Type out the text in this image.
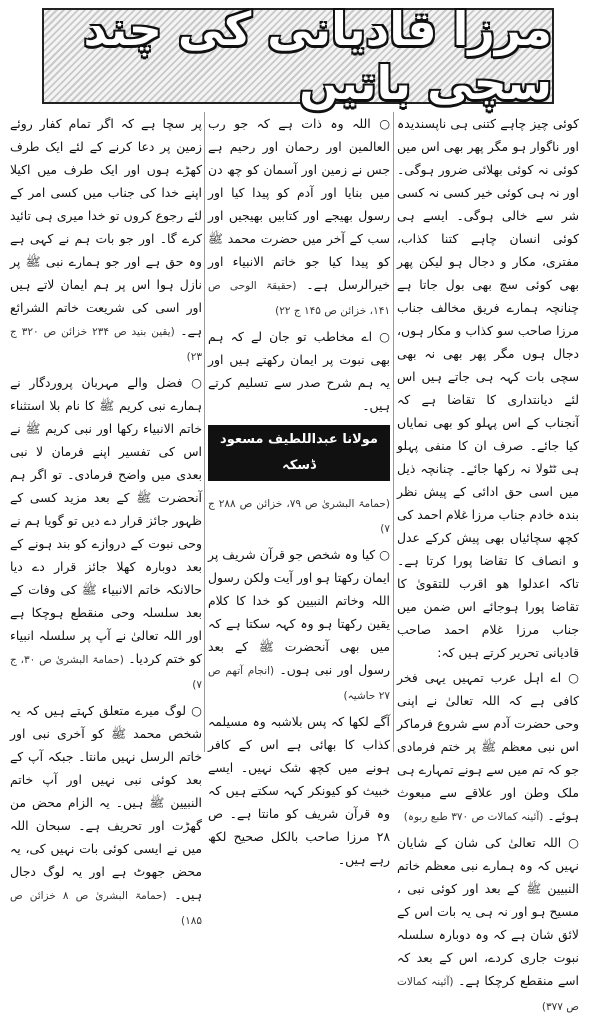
مرزا قادیانی کی چند سچی باتیں

کوئی چیز چاہے کتنی ہی ناپسندیدہ اور ناگوار ہو مگر پھر بھی اس میں کوئی نہ کوئی بھلائی ضرور ہوگی۔ اور نہ ہی کوئی خیر کسی نہ کسی شر سے خالی ہوگی۔ ایسے ہی کوئی انسان چاہے کتنا کذاب، مفتری، مکار و دجال ہو لیکن پھر بھی کوئی سچ بھی بول جاتا ہے چنانچہ ہمارے فریق مخالف جناب مرزا صاحب سو کذاب و مکار ہوں، دجال ہوں مگر پھر بھی نہ بھی سچی بات کہہ ہی جاتے ہیں اس لئے دیانتداری کا تقاضا ہے کہ آنجناب کے اس پہلو کو بھی نمایاں کیا جائے۔ صرف ان کا منفی پہلو ہی ٹٹولا نہ رکھا جائے۔ چنانچہ ذیل میں اسی حق ادائی کے پیش نظر بندہ خادم جناب مرزا غلام احمد کی کچھ سچائیاں بھی پیش کرکے عدل و انصاف کا تقاضا پورا کرتا ہے۔ تاکہ اعدلوا هو اقرب للتقویٰ کا تقاضا پورا ہوجائے اس ضمن میں جناب مرزا غلام احمد صاحب قادیانی تحریر کرتے ہیں کہ:

○ اے اہل عرب تمہیں یہی فخر کافی ہے کہ اللہ تعالیٰ نے اپنی وحی حضرت آدم سے شروع فرماکر اس نبی معظم ﷺ پر ختم فرمادی جو کہ تم میں سے ہونے تمہارے ہی ملک وطن اور علاقے سے مبعوث ہوئے۔ (آئینہ کمالات ص ۳۷۰ طبع ربوہ)

○ اللہ تعالیٰ کی شان کے شایان نہیں کہ وہ ہمارے نبی معظم خاتم النبیین ﷺ کے بعد اور کوئی نبی ، مسیح ہو اور نہ ہی یہ بات اس کے لائق شان ہے کہ وہ دوبارہ سلسلہ نبوت جاری کردے، اس کے بعد کہ اسے منقطع کرچکا ہے۔ (آئینہ کمالات ص ۳۷۷)

○ اللہ وہ ذات ہے کہ جو رب العالمین اور رحمان اور رحیم ہے جس نے زمین اور آسمان کو چھ دن میں بنایا اور آدم کو پیدا کیا اور رسول بھیجے اور کتابیں بھیجیں اور سب کے آخر میں حضرت محمد ﷺ کو پیدا کیا جو خاتم الانبیاء اور خیرالرسل ہے۔ (حقیقۃ الوحی ص ۱۴۱، خزائن ص ۱۴۵ ج ۲۲)

○ اے مخاطب تو جان لے کہ ہم بھی نبوت پر ایمان رکھتے ہیں اور یہ ہم شرح صدر سے تسلیم کرتے ہیں۔

مولانا عبداللطیف مسعود ڈسکہ

(حمامۃ البشریٰ ص ۷۹، خزائن ص ۲۸۸ ج ۷)

○ کیا وہ شخص جو قرآن شریف پر ایمان رکھتا ہو اور آیت ولکن رسول اللہ وخاتم النبیین کو خدا کا کلام یقین رکھتا ہو وہ کہہ سکتا ہے کہ میں بھی آنحضرت ﷺ کے بعد رسول اور نبی ہوں۔ (انجام آتھم ص ۲۷ حاشیہ)

آگے لکھا کہ پس بلاشبہ وہ مسیلمہ کذاب کا بھائی ہے اس کے کافر ہونے میں کچھ شک نہیں۔ ایسے خبیث کو کیونکر کہہ سکتے ہیں کہ وہ قرآن شریف کو مانتا ہے۔ ص ۲۸ مرزا صاحب بالکل صحیح لکھ رہے ہیں۔

پر سچا ہے کہ اگر تمام کفار روئے زمین پر دعا کرنے کے لئے ایک طرف کھڑے ہوں اور ایک طرف میں اکیلا اپنے خدا کی جناب میں کسی امر کے لئے رجوع کروں تو خدا میری ہی تائید کرے گا۔ اور جو بات ہم نے کہی ہے وہ حق ہے اور جو ہمارے نبی ﷺ پر نازل ہوا اس پر ہم ایمان لاتے ہیں اور اسی کی شریعت خاتم الشرائع ہے۔ (یقین بنید ص ۲۳۴ خزائن ص ۳۲۰ ج ۲۳)

○ فضل والے مہربان پروردگار نے ہمارے نبی کریم ﷺ کا نام بلا استثناء خاتم الانبیاء رکھا اور نبی کریم ﷺ نے اس کی تفسیر اپنے فرمان لا نبی بعدی میں واضح فرمادی۔ تو اگر ہم آنحضرت ﷺ کے بعد مزید کسی کے ظہور جائز قرار دے دیں تو گویا ہم نے وحی نبوت کے دروازے کو بند ہونے کے بعد دوبارہ کھلا جائز قرار دے دیا حالانکہ خاتم الانبیاء ﷺ کی وفات کے بعد سلسلہ وحی منقطع ہوچکا ہے اور اللہ تعالیٰ نے آپ پر سلسلہ انبیاء کو ختم کردیا۔ (حمامۃ البشریٰ ص ۳۰، ج ۷)

○ لوگ میرے متعلق کہتے ہیں کہ یہ شخص محمد ﷺ کو آخری نبی اور خاتم الرسل نہیں مانتا۔ جبکہ آپ کے بعد کوئی نبی نہیں اور آپ خاتم النبیین ﷺ ہیں۔ یہ الزام محض من گھڑت اور تحریف ہے۔ سبحان اللہ میں نے ایسی کوئی بات نہیں کی، یہ محض جھوٹ ہے اور یہ لوگ دجال ہیں۔ (حمامۃ البشریٰ ص ۸ خزائن ص ۱۸۵)
